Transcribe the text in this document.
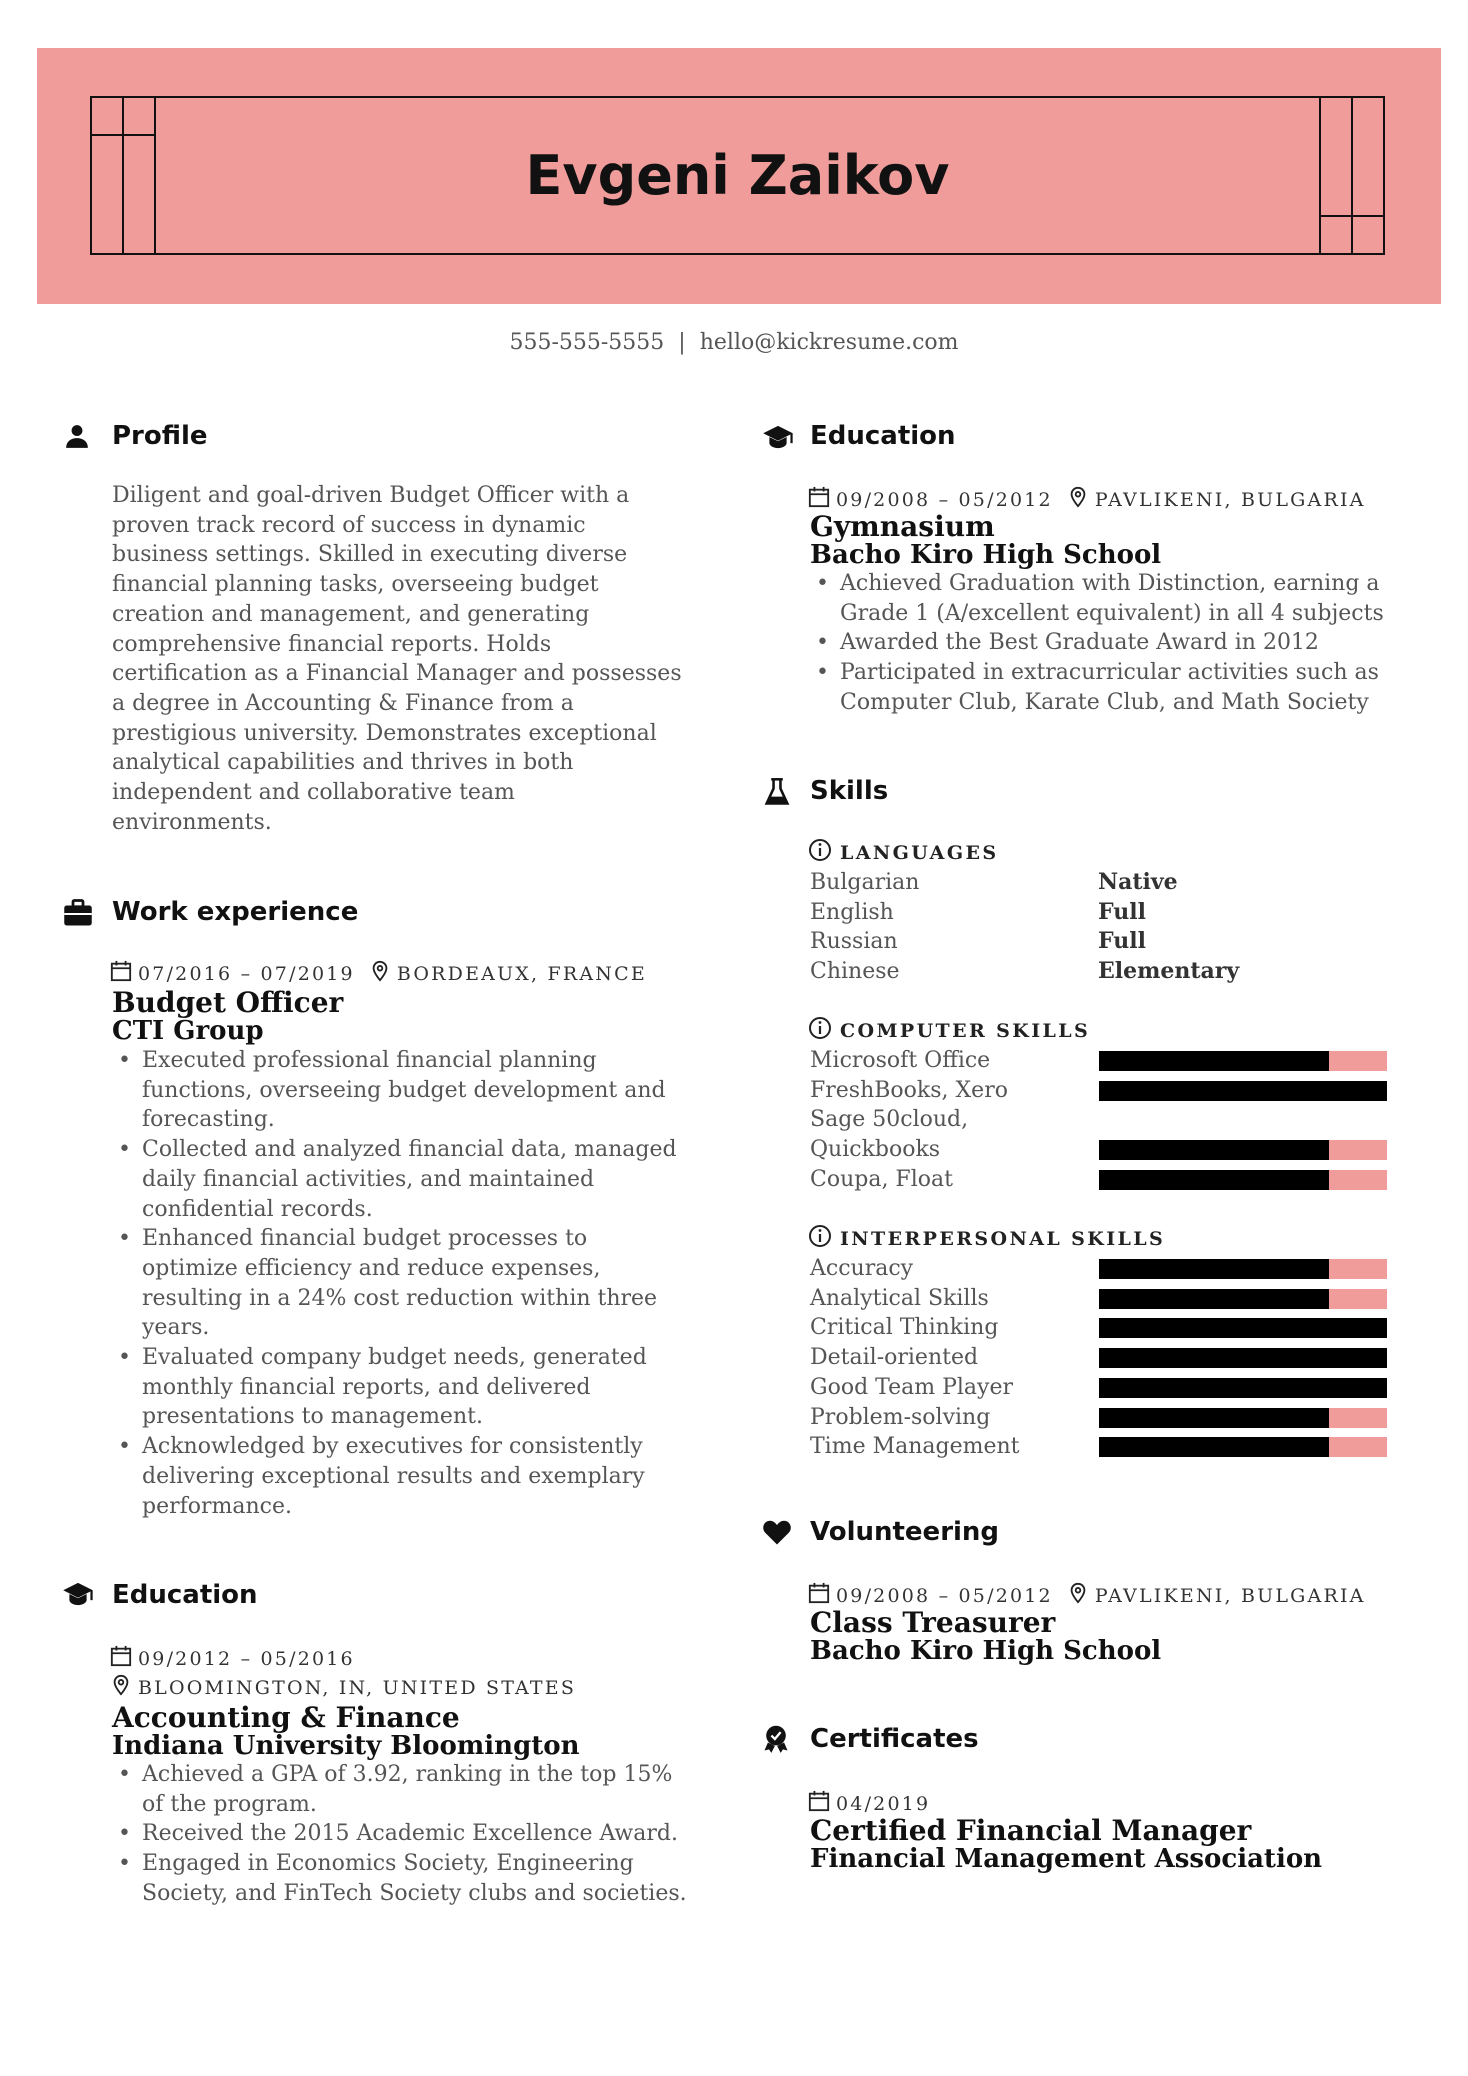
Evgeni Zaikov
555-555-5555 | hello@kickresume.com
Profile
Diligent and goal-driven Budget Officer with a
proven track record of success in dynamic
business settings. Skilled in executing diverse
financial planning tasks, overseeing budget
creation and management, and generating
comprehensive financial reports. Holds
certification as a Financial Manager and possesses
a degree in Accounting & Finance from a
prestigious university. Demonstrates exceptional
analytical capabilities and thrives in both
independent and collaborative team
environments.
Work experience
07/2016 – 07/2019 BORDEAUX, FRANCE
Budget Officer
CTI Group
• Executed professional financial planning
functions, overseeing budget development and
forecasting.
• Collected and analyzed financial data, managed
daily financial activities, and maintained
confidential records.
• Enhanced financial budget processes to
optimize efficiency and reduce expenses,
resulting in a 24% cost reduction within three
years.
• Evaluated company budget needs, generated
monthly financial reports, and delivered
presentations to management.
• Acknowledged by executives for consistently
delivering exceptional results and exemplary
performance.
Education
09/2012 – 05/2016
BLOOMINGTON, IN, UNITED STATES
Accounting & Finance
Indiana University Bloomington
• Achieved a GPA of 3.92, ranking in the top 15%
of the program.
• Received the 2015 Academic Excellence Award.
• Engaged in Economics Society, Engineering
Society, and FinTech Society clubs and societies.
Education
09/2008 – 05/2012 PAVLIKENI, BULGARIA
Gymnasium
Bacho Kiro High School
• Achieved Graduation with Distinction, earning a
Grade 1 (A/excellent equivalent) in all 4 subjects
• Awarded the Best Graduate Award in 2012
• Participated in extracurricular activities such as
Computer Club, Karate Club, and Math Society
Skills
LANGUAGES
Bulgarian	Native
English	Full
Russian	Full
Chinese	Elementary
COMPUTER SKILLS
Microsoft Office
FreshBooks, Xero
Sage 50cloud,
Quickbooks
Coupa, Float
INTERPERSONAL SKILLS
Accuracy
Analytical Skills
Critical Thinking
Detail-oriented
Good Team Player
Problem-solving
Time Management
Volunteering
09/2008 – 05/2012 PAVLIKENI, BULGARIA
Class Treasurer
Bacho Kiro High School
Certificates
04/2019
Certified Financial Manager
Financial Management Association
